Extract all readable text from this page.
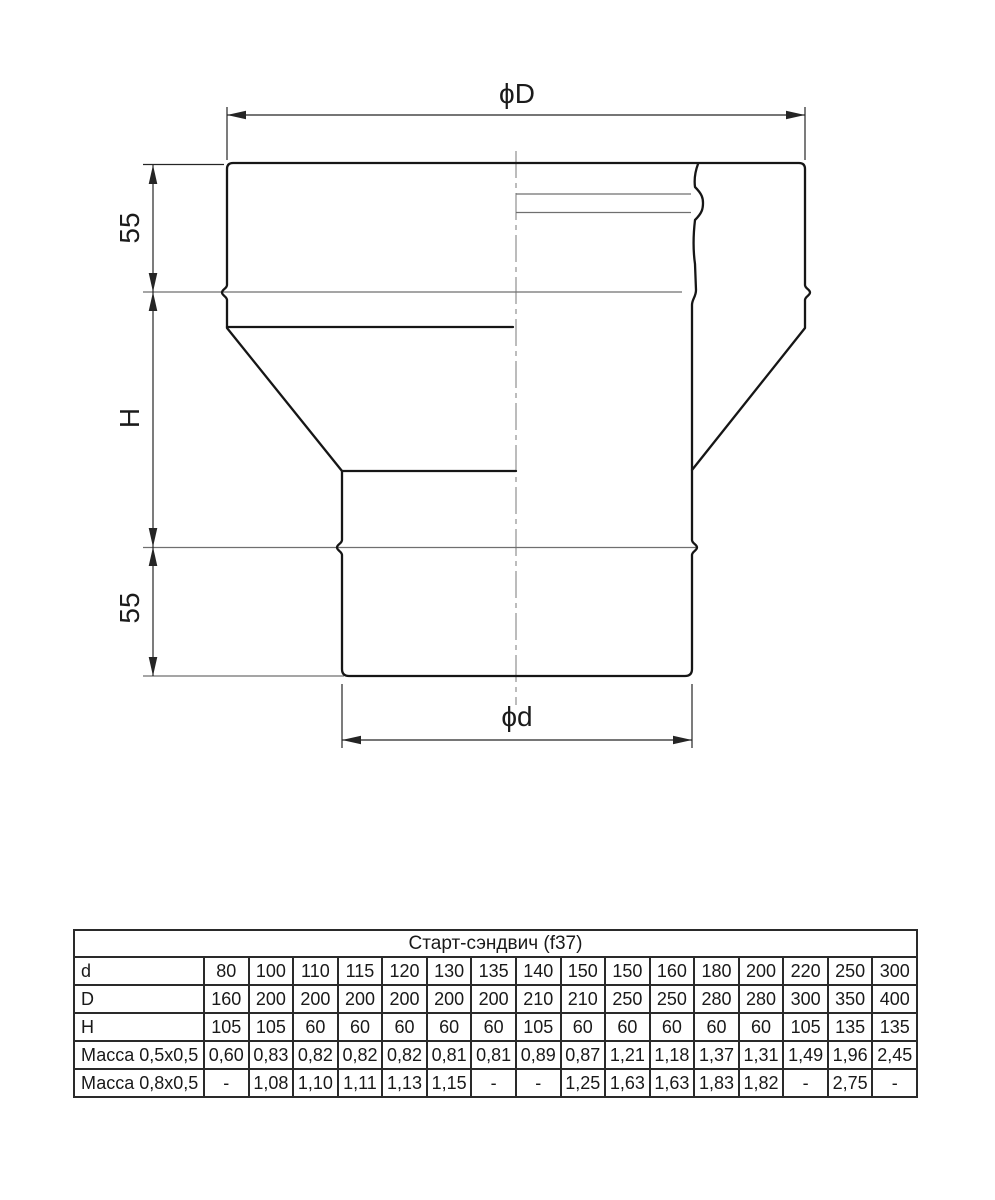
ϕD
55
H
55
ϕd
Старт-сэндвич (f37)																
d	80	100	110	115	120	130	135	140	150	150	160	180	200	220	250	300
D	160	200	200	200	200	200	200	210	210	250	250	280	280	300	350	400
H	105	105	60	60	60	60	60	105	60	60	60	60	60	105	135	135
Масса 0,5x0,5	0,60	0,83	0,82	0,82	0,82	0,81	0,81	0,89	0,87	1,21	1,18	1,37	1,31	1,49	1,96	2,45
Масса 0,8x0,5	-	1,08	1,10	1,11	1,13	1,15	-	-	1,25	1,63	1,63	1,83	1,82	-	2,75	-
